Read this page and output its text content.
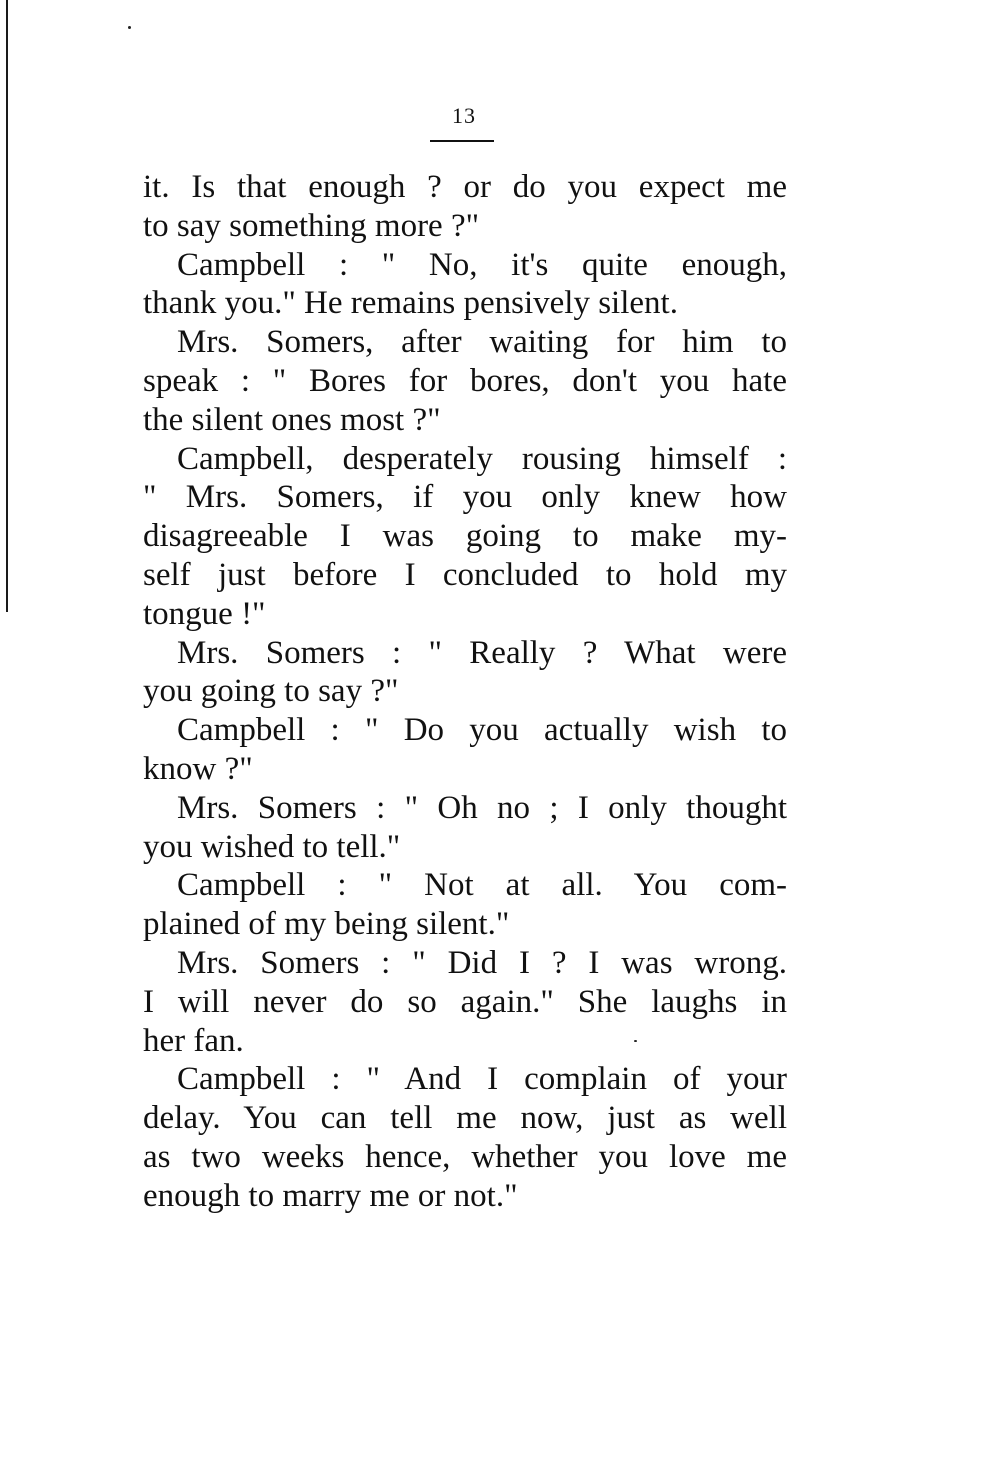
13
it. Is that enough ? or do you expect me
to say something more ?"
Campbell : " No, it's quite enough,
thank you." He remains pensively silent.
Mrs. Somers, after waiting for him to
speak : " Bores for bores, don't you hate
the silent ones most ?"
Campbell, desperately rousing himself :
" Mrs. Somers, if you only knew how
disagreeable I was going to make my-
self just before I concluded to hold my
tongue !"
Mrs. Somers : " Really ? What were
you going to say ?"
Campbell : " Do you actually wish to
know ?"
Mrs. Somers : " Oh no ; I only thought
you wished to tell."
Campbell : " Not at all. You com-
plained of my being silent."
Mrs. Somers : " Did I ? I was wrong.
I will never do so again." She laughs in
her fan.
Campbell : " And I complain of your
delay. You can tell me now, just as well
as two weeks hence, whether you love me
enough to marry me or not."
